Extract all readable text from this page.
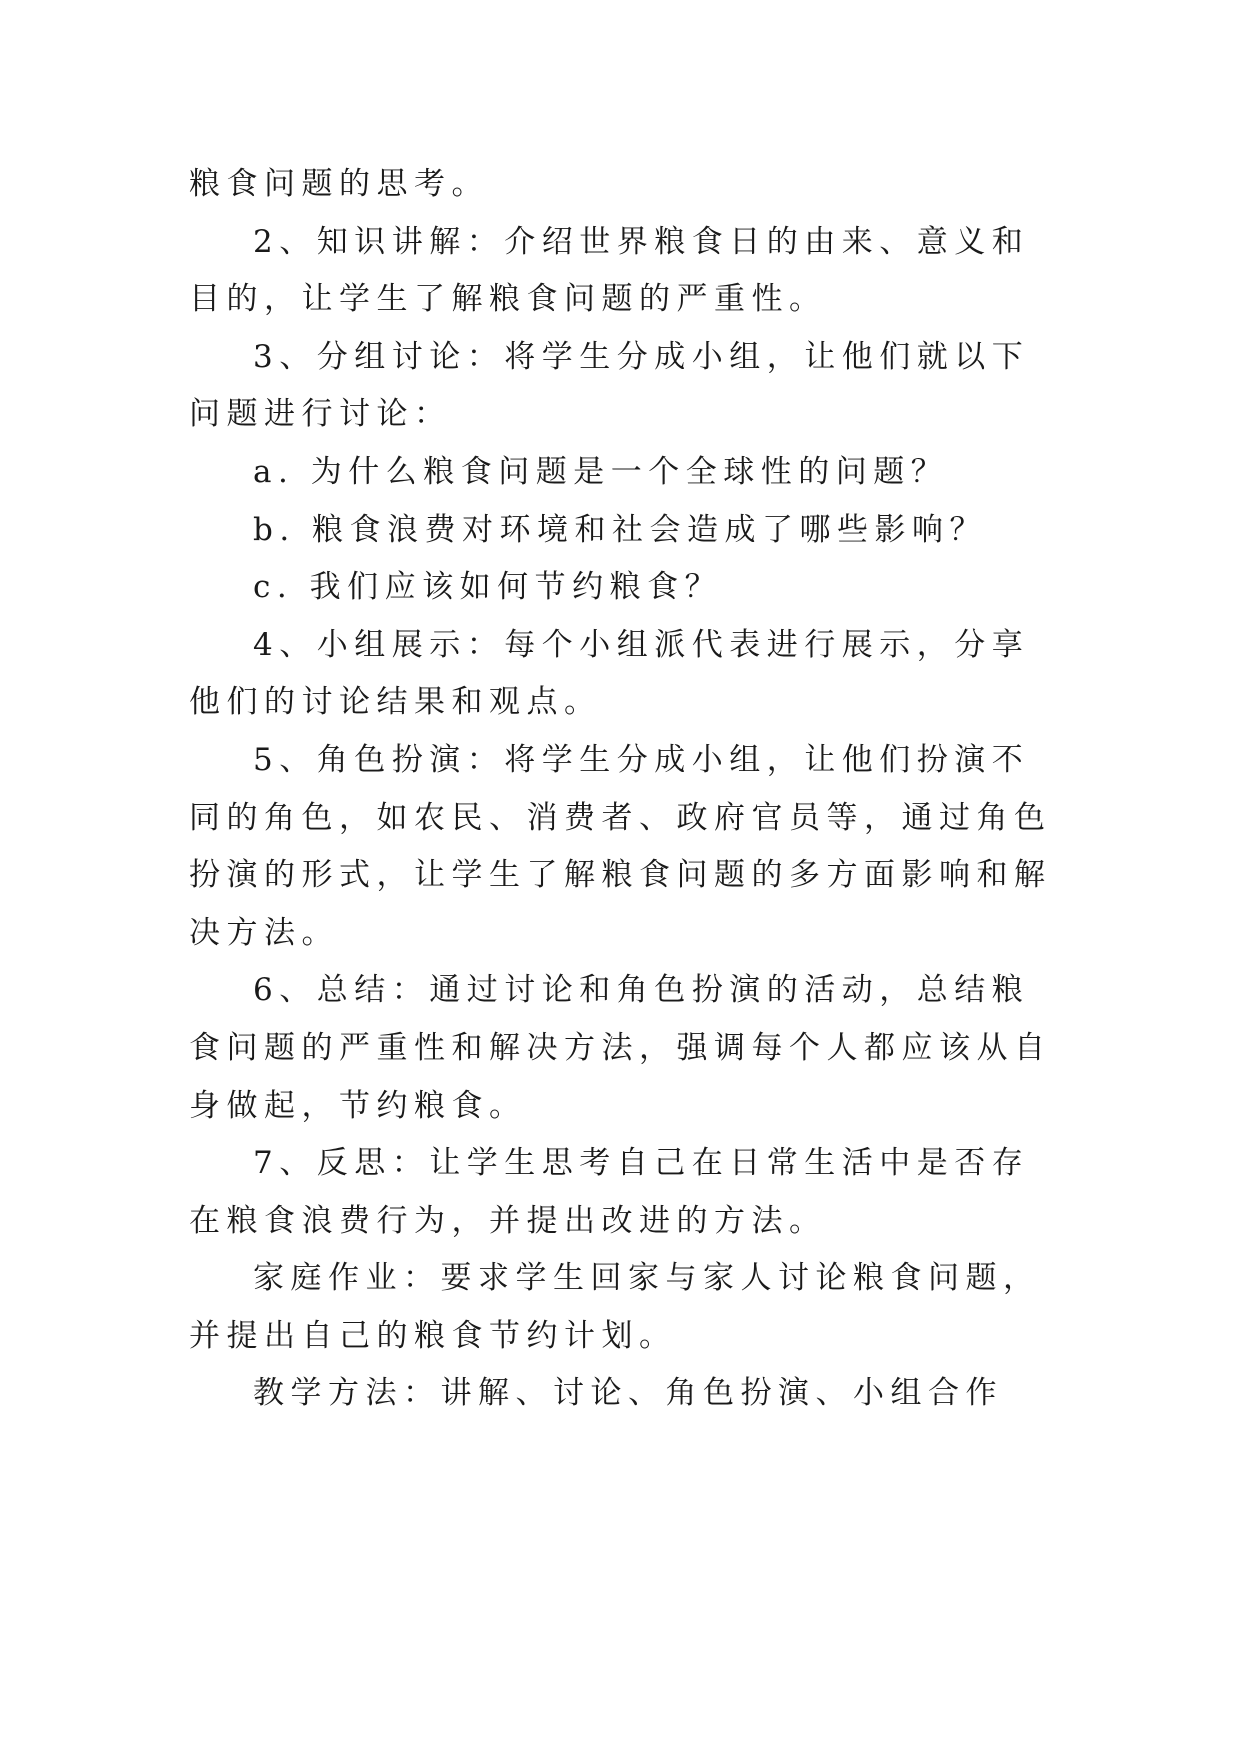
粮食问题的思考。

2、知识讲解：介绍世界粮食日的由来、意义和目的，让学生了解粮食问题的严重性。

3、分组讨论：将学生分成小组，让他们就以下问题进行讨论：

a. 为什么粮食问题是一个全球性的问题？

b. 粮食浪费对环境和社会造成了哪些影响？

c. 我们应该如何节约粮食？

4、小组展示：每个小组派代表进行展示，分享他们的讨论结果和观点。

5、角色扮演：将学生分成小组，让他们扮演不同的角色，如农民、消费者、政府官员等，通过角色扮演的形式，让学生了解粮食问题的多方面影响和解决方法。

6、总结：通过讨论和角色扮演的活动，总结粮食问题的严重性和解决方法，强调每个人都应该从自身做起，节约粮食。

7、反思：让学生思考自己在日常生活中是否存在粮食浪费行为，并提出改进的方法。

家庭作业：要求学生回家与家人讨论粮食问题，并提出自己的粮食节约计划。

教学方法：讲解、讨论、角色扮演、小组合作
